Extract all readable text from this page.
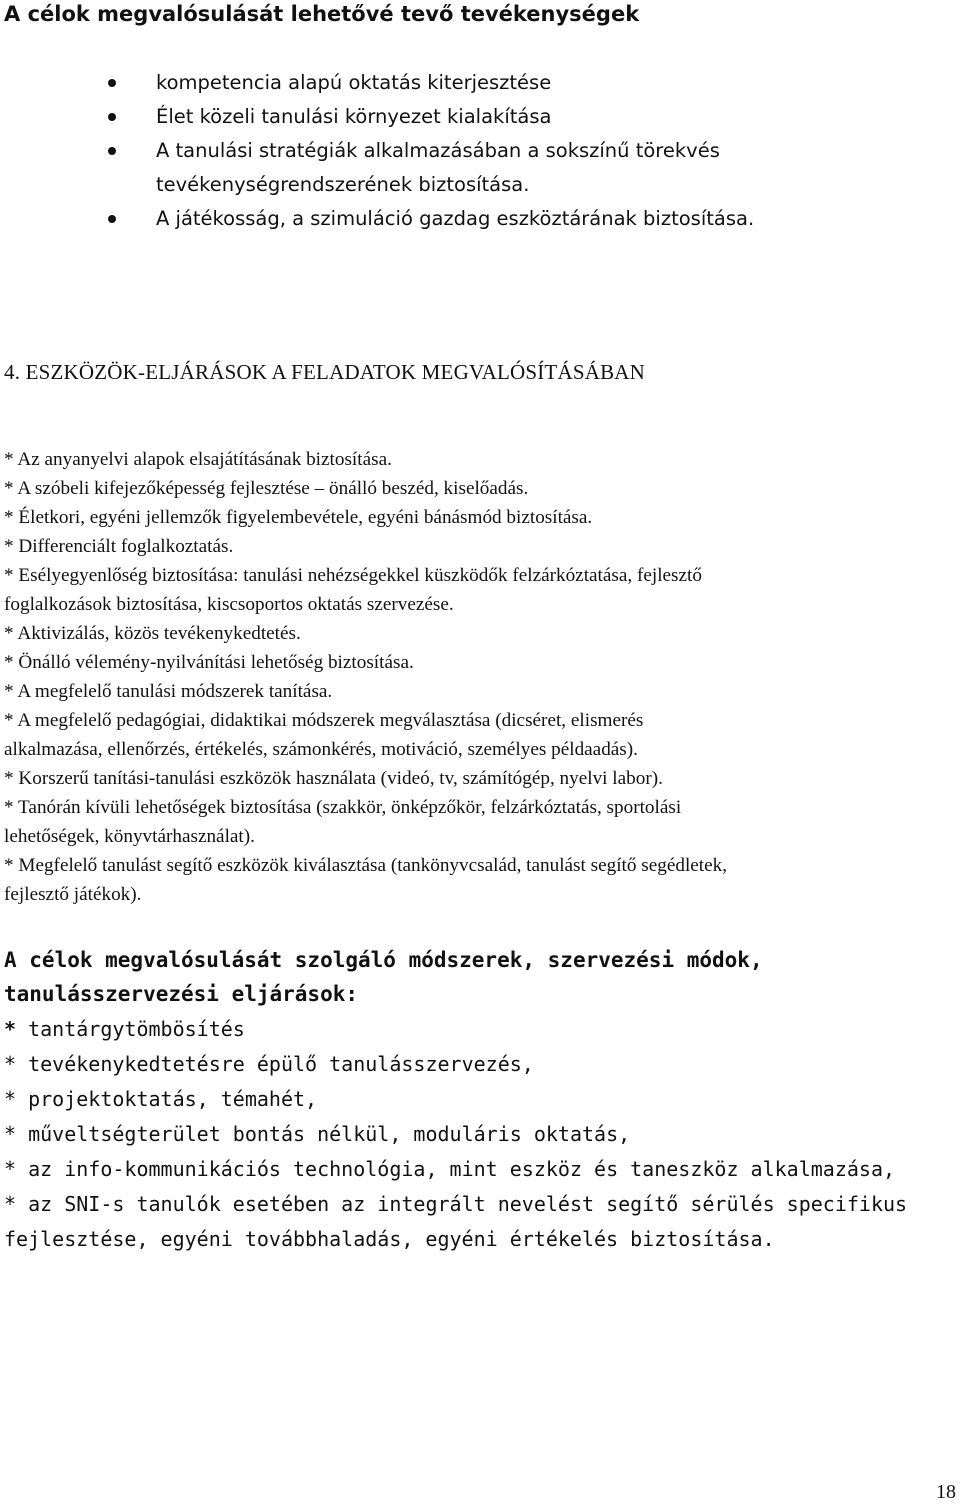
A célok megvalósulását lehetővé tevő tevékenységek
kompetencia alapú oktatás kiterjesztése
Élet közeli tanulási környezet kialakítása
A tanulási stratégiák alkalmazásában a sokszínű törekvés
tevékenységrendszerének biztosítása.
A játékosság, a szimuláció gazdag eszköztárának biztosítása.
4. ESZKÖZÖK-ELJÁRÁSOK A FELADATOK MEGVALÓSÍTÁSÁBAN

* Az anyanyelvi alapok elsajátításának biztosítása.

* A szóbeli kifejezőképesség fejlesztése – önálló beszéd, kiselőadás.

* Életkori, egyéni jellemzők figyelembevétele, egyéni bánásmód biztosítása.

* Differenciált foglalkoztatás.

* Esélyegyenlőség biztosítása: tanulási nehézségekkel küszködők felzárkóztatása, fejlesztő
foglalkozások biztosítása, kiscsoportos oktatás szervezése.

* Aktivizálás, közös tevékenykedtetés.

* Önálló vélemény-nyilvánítási lehetőség biztosítása.

* A megfelelő tanulási módszerek tanítása.

* A megfelelő pedagógiai, didaktikai módszerek megválasztása (dicséret, elismerés
alkalmazása, ellenőrzés, értékelés, számonkérés, motiváció, személyes példaadás).

* Korszerű tanítási-tanulási eszközök használata (videó, tv, számítógép, nyelvi labor).

* Tanórán kívüli lehetőségek biztosítása (szakkör, önképzőkör, felzárkóztatás, sportolási
lehetőségek, könyvtárhasználat).

* Megfelelő tanulást segítő eszközök kiválasztása (tankönyvcsalád, tanulást segítő segédletek,
fejlesztő játékok).

A célok megvalósulását szolgáló módszerek, szervezési módok,
tanulásszervezési eljárások:

* tantárgytömbösítés

* tevékenykedtetésre épülő tanulásszervezés,

* projektoktatás, témahét,

* műveltségterület bontás nélkül, moduláris oktatás,

* az info-kommunikációs technológia, mint eszköz és taneszköz alkalmazása,

* az SNI-s tanulók esetében az integrált nevelést segítő sérülés specifikus
fejlesztése, egyéni továbbhaladás, egyéni értékelés biztosítása.

18
